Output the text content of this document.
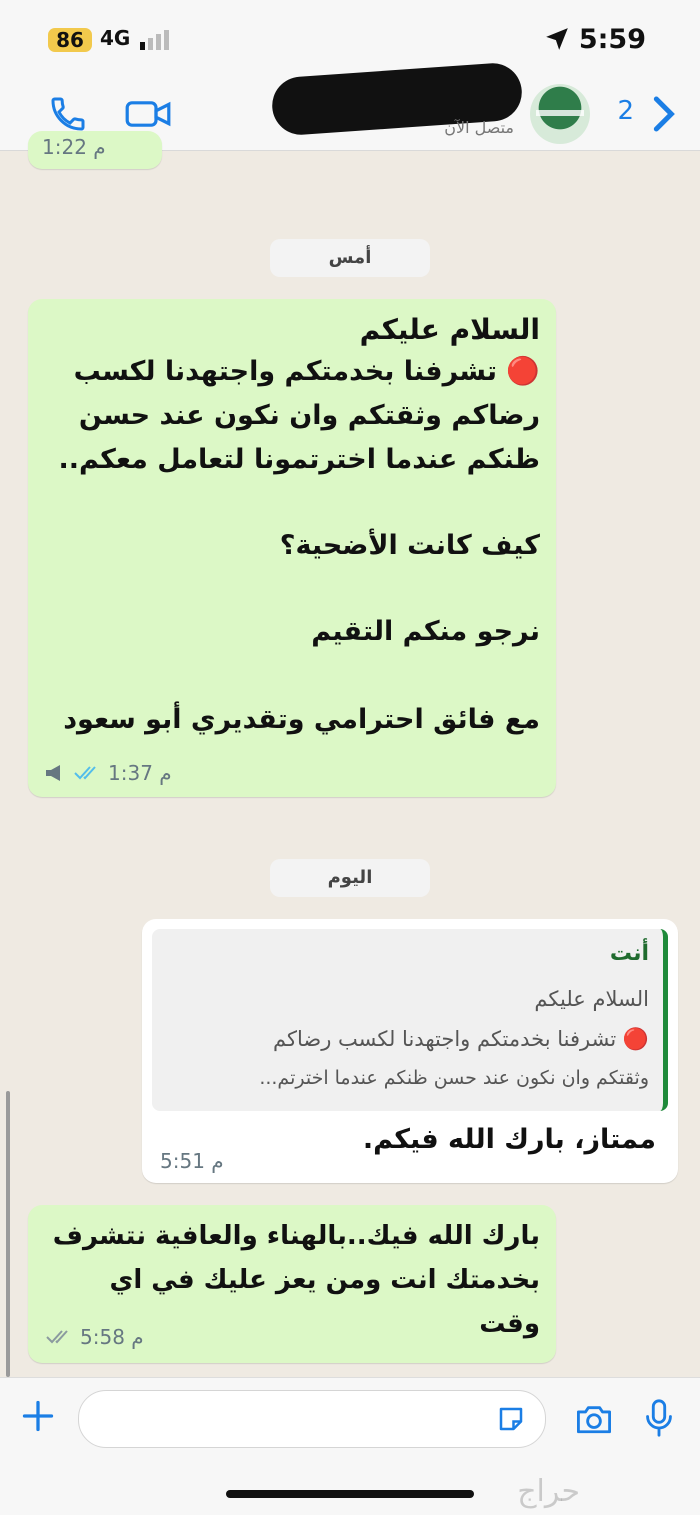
86 4G	5:59
متصل الآن
2
1:22 م
أمس
السلام عليكم
🔴 تشرفنا بخدمتكم واجتهدنا لكسب
رضاكم وثقتكم وان نكون عند حسن
ظنكم عندما اخترتمونا لتعامل معكم..
كيف كانت الأضحية؟
نرجو منكم التقيم
مع فائق احترامي وتقديري أبو سعود
1:37 م
اليوم
أنت
السلام عليكم
🔴 تشرفنا بخدمتكم واجتهدنا لكسب رضاكم
وثقتكم وان نكون عند حسن ظنكم عندما اخترتم...
ممتاز، بارك الله فيكم.
5:51 م
بارك الله فيك..بالهناء والعافية نتشرف
بخدمتك انت ومن يعز عليك في اي
وقت
5:58 م
حراج
